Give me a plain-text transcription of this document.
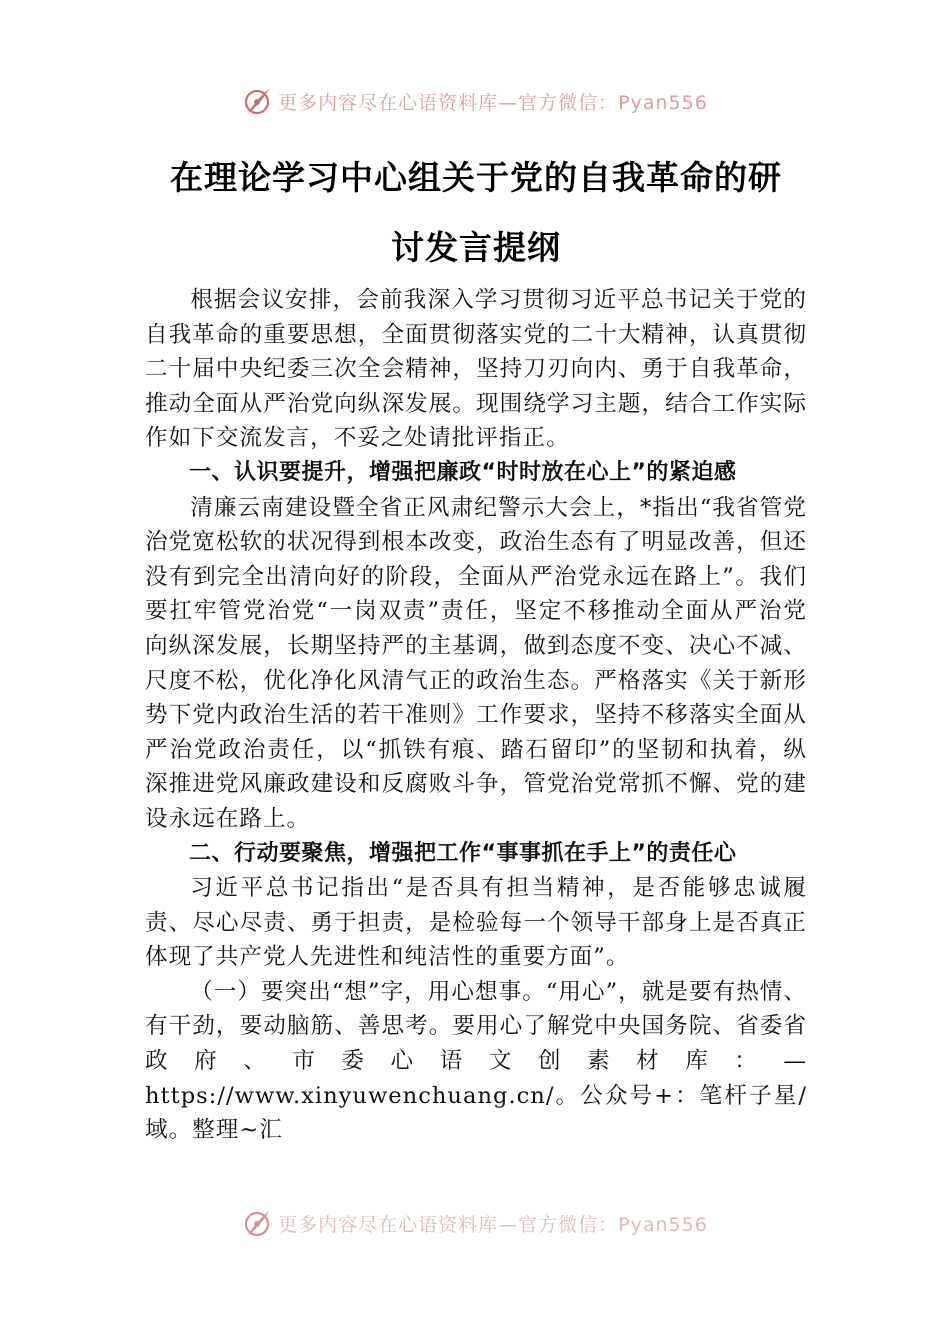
更多内容尽在心语资料库—官方微信：Pyan556
在理论学习中心组关于党的自我革命的研
讨发言提纲

根据会议安排，会前我深入学习贯彻习近平总书记关于党的自我革命的重要思想，全面贯彻落实党的二十大精神，认真贯彻二十届中央纪委三次全会精神，坚持刀刃向内、勇于自我革命，推动全面从严治党向纵深发展。现围绕学习主题，结合工作实际作如下交流发言，不妥之处请批评指正。

一、认识要提升，增强把廉政“时时放在心上”的紧迫感

清廉云南建设暨全省正风肃纪警示大会上，*指出“我省管党治党宽松软的状况得到根本改变，政治生态有了明显改善，但还没有到完全出清向好的阶段，全面从严治党永远在路上”。我们要扛牢管党治党“一岗双责”责任，坚定不移推动全面从严治党向纵深发展，长期坚持严的主基调，做到态度不变、决心不减、尺度不松，优化净化风清气正的政治生态。严格落实《关于新形势下党内政治生活的若干准则》工作要求，坚持不移落实全面从严治党政治责任，以“抓铁有痕、踏石留印”的坚韧和执着，纵深推进党风廉政建设和反腐败斗争，管党治党常抓不懈、党的建设永远在路上。

二、行动要聚焦，增强把工作“事事抓在手上”的责任心

习近平总书记指出“是否具有担当精神，是否能够忠诚履责、尽心尽责、勇于担责，是检验每一个领导干部身上是否真正体现了共产党人先进性和纯洁性的重要方面”。

（一）要突出“想”字，用心想事。“用心”，就是要有热情、有干劲，要动脑筋、善思考。要用心了解党中央国务院、省委省政府、市委心语文创素材库：— https://www.xinyuwenchuang.cn/。公众号+：笔杆子星/域。整理~汇

更多内容尽在心语资料库—官方微信：Pyan556
